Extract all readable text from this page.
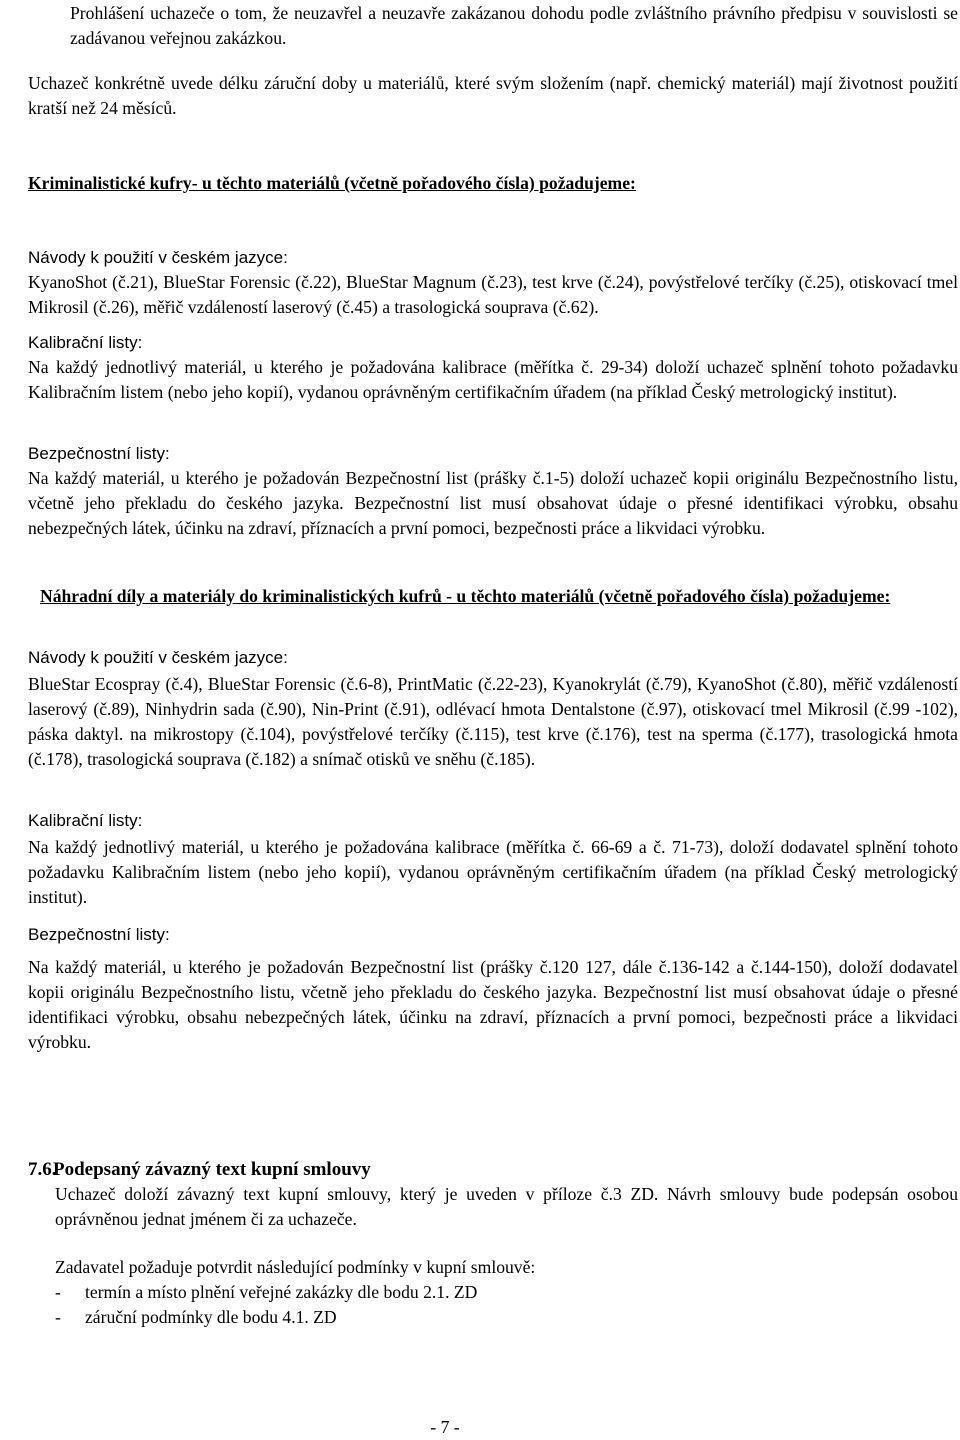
Prohlášení uchazeče o tom, že neuzavřel a neuzavře zakázanou dohodu podle zvláštního právního předpisu v souvislosti se zadávanou veřejnou zakázkou.

Uchazeč konkrétně uvede délku záruční doby u materiálů, které svým složením (např. chemický materiál) mají životnost použití kratší než 24 měsíců.

Kriminalistické kufry- u těchto materiálů (včetně pořadového čísla) požadujeme:

Návody k použití v českém jazyce:

KyanoShot (č.21), BlueStar Forensic (č.22), BlueStar Magnum (č.23), test krve (č.24), povýstřelové terčíky (č.25), otiskovací tmel Mikrosil (č.26), měřič vzdáleností laserový (č.45) a trasologická souprava (č.62).

Kalibrační listy:

Na každý jednotlivý materiál, u kterého je požadována kalibrace (měřítka č. 29-34) doloží uchazeč splnění tohoto požadavku Kalibračním listem (nebo jeho kopií), vydanou oprávněným certifikačním úřadem (na příklad Český metrologický institut).

Bezpečnostní listy:

Na každý materiál, u kterého je požadován Bezpečnostní list (prášky č.1-5) doloží uchazeč kopii originálu Bezpečnostního listu, včetně jeho překladu do českého jazyka. Bezpečnostní list musí obsahovat údaje o přesné identifikaci výrobku, obsahu nebezpečných látek, účinku na zdraví, příznacích a první pomoci, bezpečnosti práce a likvidaci výrobku.

Náhradní díly a materiály do kriminalistických kufrů - u těchto materiálů (včetně pořadového čísla) požadujeme:

Návody k použití v českém jazyce:

BlueStar Ecospray (č.4), BlueStar Forensic (č.6-8), PrintMatic (č.22-23), Kyanokrylát (č.79), KyanoShot (č.80), měřič vzdáleností laserový (č.89), Ninhydrin sada (č.90), Nin-Print (č.91), odlévací hmota Dentalstone (č.97), otiskovací tmel Mikrosil (č.99 -102), páska daktyl. na mikrostopy (č.104), povýstřelové terčíky (č.115), test krve (č.176), test na sperma (č.177), trasologická hmota (č.178), trasologická souprava (č.182) a snímač otisků ve sněhu (č.185).

Kalibrační listy:

Na každý jednotlivý materiál, u kterého je požadována kalibrace (měřítka č. 66-69 a č. 71-73), doloží dodavatel splnění tohoto požadavku Kalibračním listem (nebo jeho kopií), vydanou oprávněným certifikačním úřadem (na příklad Český metrologický institut).

Bezpečnostní listy:

Na každý materiál, u kterého je požadován Bezpečnostní list (prášky č.120 127, dále č.136-142 a č.144-150), doloží dodavatel kopii originálu Bezpečnostního listu, včetně jeho překladu do českého jazyka. Bezpečnostní list musí obsahovat údaje o přesné identifikaci výrobku, obsahu nebezpečných látek, účinku na zdraví, příznacích a první pomoci, bezpečnosti práce a likvidaci výrobku.

7.6.
Podepsaný závazný text kupní smlouvy

Uchazeč doloží závazný text kupní smlouvy, který je uveden v příloze č.3 ZD. Návrh smlouvy bude podepsán osobou oprávněnou jednat jménem či za uchazeče.

Zadavatel požaduje potvrdit následující podmínky v kupní smlouvě:

- termín a místo plnění veřejné zakázky dle bodu 2.1. ZD
- záruční podmínky dle bodu 4.1. ZD

- 7 -
